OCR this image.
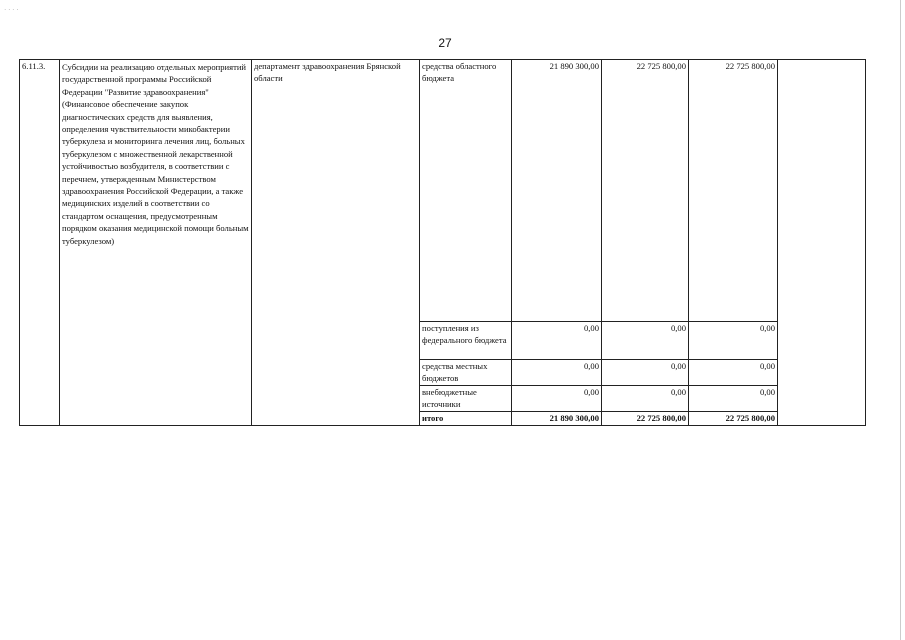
· · · ·
27
6.11.3.	Субсидии на реализацию отдельных мероприятий государственной программы Российской Федерации "Развитие здравоохранения" (Финансовое обеспечение закупок диагностических средств для выявления, определения чувствительности микобактерии туберкулеза и мониторинга лечения лиц, больных туберкулезом с множественной лекарственной устойчивостью возбудителя, в соответствии с перечнем, утвержденным Министерством здравоохранения Российской Федерации, а также медицинских изделий в соответствии со стандартом оснащения, предусмотренным порядком оказания медицинской помощи больным туберкулезом)	департамент здравоохранения Брянской области	средства областного бюджета	21 890 300,00	22 725 800,00	22 725 800,00	
			поступления из федерального бюджета	0,00	0,00	0,00	
			средства местных бюджетов	0,00	0,00	0,00	
			внебюджетные источники	0,00	0,00	0,00	
			итого	21 890 300,00	22 725 800,00	22 725 800,00	
